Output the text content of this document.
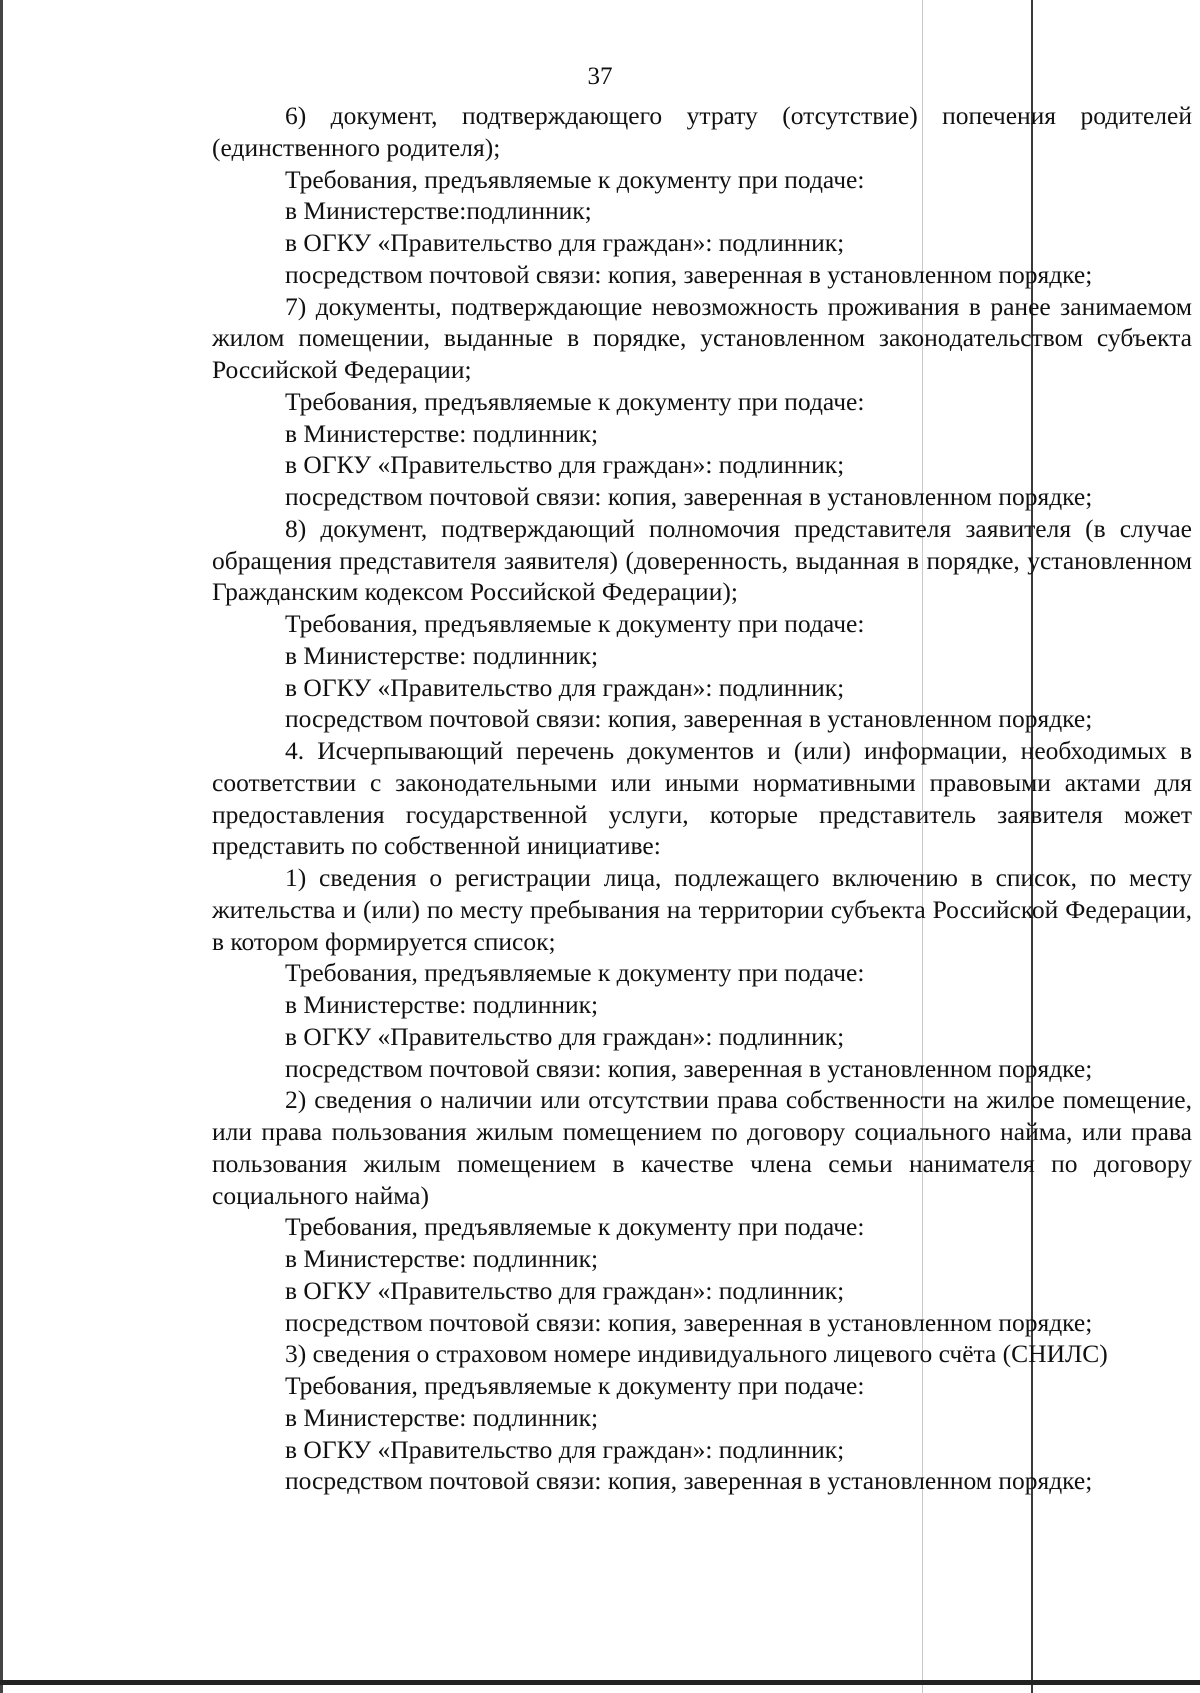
37

6) документ, подтверждающего утрату (отсутствие) попечения родителей (единственного родителя);

Требования, предъявляемые к документу при подаче:

в Министерстве:подлинник;

в ОГКУ «Правительство для граждан»: подлинник;

посредством почтовой связи: копия, заверенная в установленном порядке;

7) документы, подтверждающие невозможность проживания в ранее занимаемом жилом помещении, выданные в порядке, установленном законодательством субъекта Российской Федерации;

Требования, предъявляемые к документу при подаче:

в Министерстве: подлинник;

в ОГКУ «Правительство для граждан»: подлинник;

посредством почтовой связи: копия, заверенная в установленном порядке;

8) документ, подтверждающий полномочия представителя заявителя (в случае обращения представителя заявителя) (доверенность, выданная в порядке, установленном Гражданским кодексом Российской Федерации);

Требования, предъявляемые к документу при подаче:

в Министерстве: подлинник;

в ОГКУ «Правительство для граждан»: подлинник;

посредством почтовой связи: копия, заверенная в установленном порядке;

4. Исчерпывающий перечень документов и (или) информации, необходимых в соответствии с законодательными или иными нормативными правовыми актами для предоставления государственной услуги, которые представитель заявителя может представить по собственной инициативе:

1) сведения о регистрации лица, подлежащего включению в список, по месту жительства и (или) по месту пребывания на территории субъекта Российской Федерации, в котором формируется список;

Требования, предъявляемые к документу при подаче:

в Министерстве: подлинник;

в ОГКУ «Правительство для граждан»: подлинник;

посредством почтовой связи: копия, заверенная в установленном порядке;

2) сведения о наличии или отсутствии права собственности на жилое помещение, или права пользования жилым помещением по договору социального найма, или права пользования жилым помещением в качестве члена семьи нанимателя по договору социального найма)

Требования, предъявляемые к документу при подаче:

в Министерстве: подлинник;

в ОГКУ «Правительство для граждан»: подлинник;

посредством почтовой связи: копия, заверенная в установленном порядке;

3) сведения о страховом номере индивидуального лицевого счёта (СНИЛС)

Требования, предъявляемые к документу при подаче:

в Министерстве: подлинник;

в ОГКУ «Правительство для граждан»: подлинник;

посредством почтовой связи: копия, заверенная в установленном порядке;
